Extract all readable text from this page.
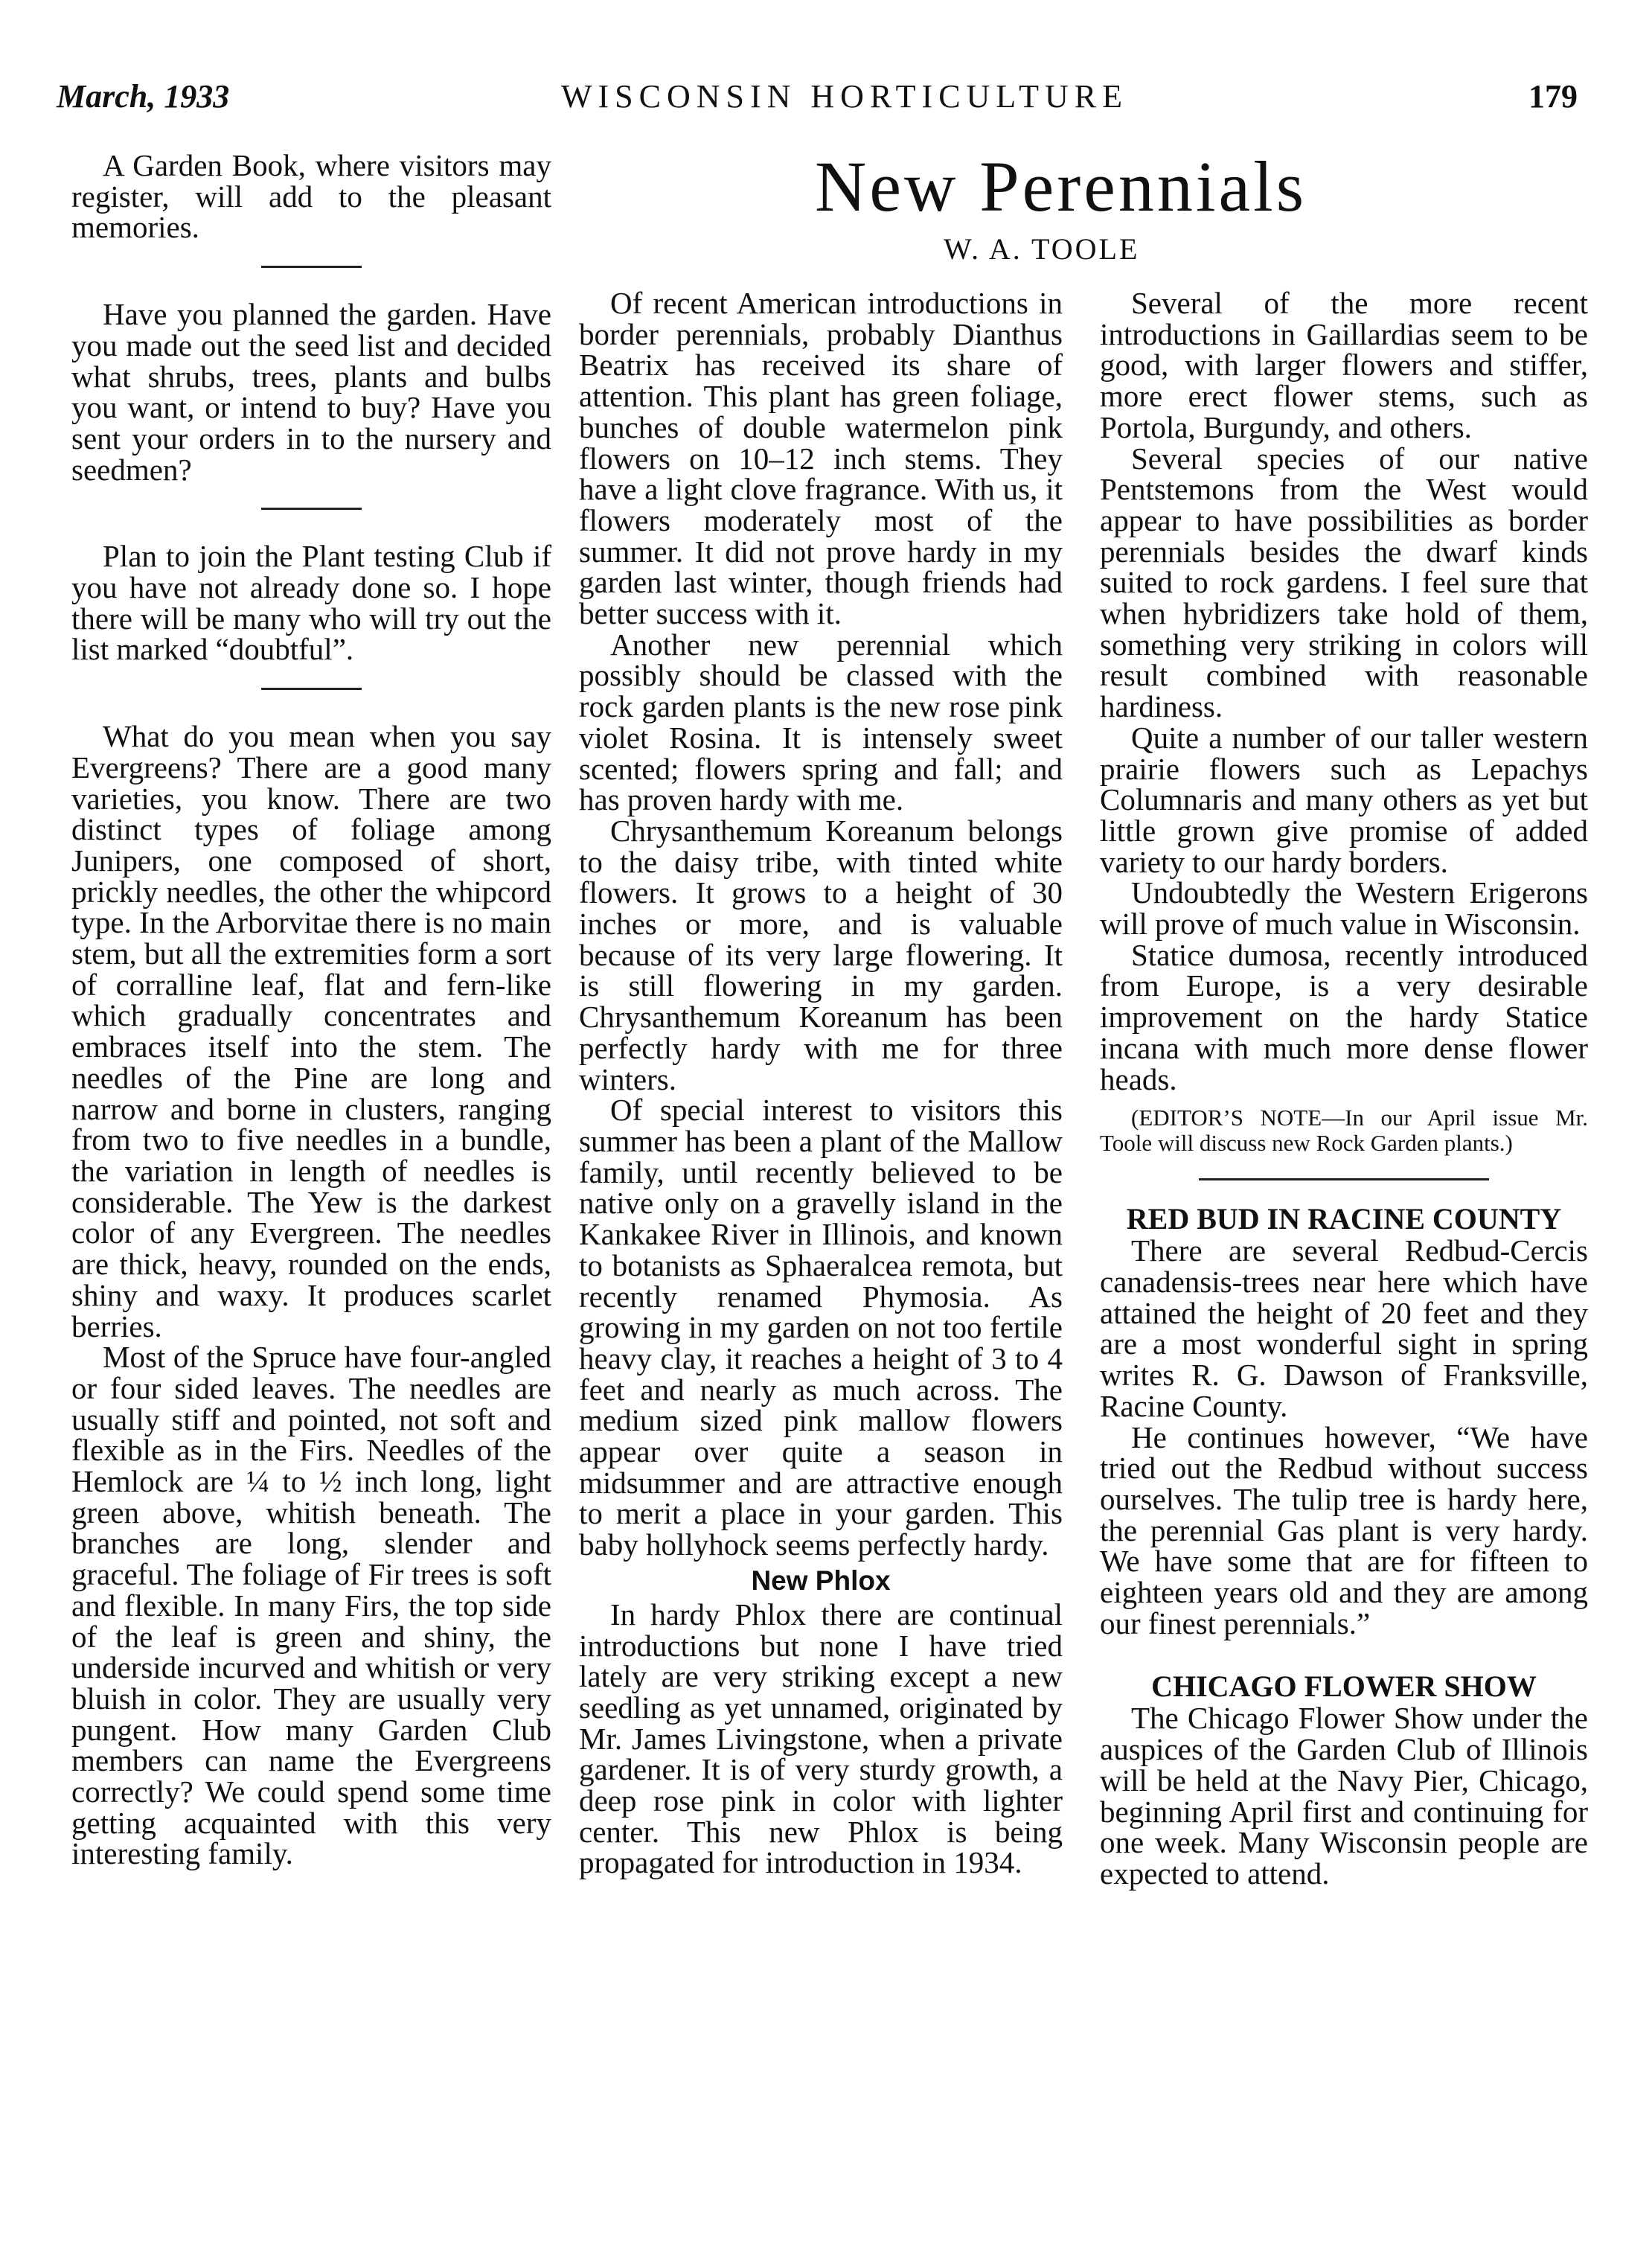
March, 1933	WISCONSIN HORTICULTURE	179

A Garden Book, where visitors may register, will add to the pleasant memories.

Have you planned the garden. Have you made out the seed list and decided what shrubs, trees, plants and bulbs you want, or intend to buy? Have you sent your orders in to the nursery and seedmen?

Plan to join the Plant testing Club if you have not already done so. I hope there will be many who will try out the list marked “doubtful”.

What do you mean when you say Evergreens? There are a good many varieties, you know. There are two distinct types of foliage among Junipers, one composed of short, prickly needles, the other the whipcord type. In the Arborvitae there is no main stem, but all the extremities form a sort of corralline leaf, flat and fern-like which gradually concentrates and embraces itself into the stem. The needles of the Pine are long and narrow and borne in clusters, ranging from two to five needles in a bundle, the variation in length of needles is considerable. The Yew is the darkest color of any Evergreen. The needles are thick, heavy, rounded on the ends, shiny and waxy. It produces scarlet berries.

Most of the Spruce have four-angled or four sided leaves. The needles are usually stiff and pointed, not soft and flexible as in the Firs. Needles of the Hemlock are ¼ to ½ inch long, light green above, whitish beneath. The branches are long, slender and graceful. The foliage of Fir trees is soft and flexible. In many Firs, the top side of the leaf is green and shiny, the underside incurved and whitish or very bluish in color. They are usually very pungent. How many Garden Club members can name the Evergreens correctly? We could spend some time getting acquainted with this very interesting family.

New Perennials
W. A. TOOLE

Of recent American introductions in border perennials, probably Dianthus Beatrix has received its share of attention. This plant has green foliage, bunches of double watermelon pink flowers on 10–12 inch stems. They have a light clove fragrance. With us, it flowers moderately most of the summer. It did not prove hardy in my garden last winter, though friends had better success with it.

Another new perennial which possibly should be classed with the rock garden plants is the new rose pink violet Rosina. It is intensely sweet scented; flowers spring and fall; and has proven hardy with me.

Chrysanthemum Koreanum belongs to the daisy tribe, with tinted white flowers. It grows to a height of 30 inches or more, and is valuable because of its very large flowering. It is still flowering in my garden. Chrysanthemum Koreanum has been perfectly hardy with me for three winters.

Of special interest to visitors this summer has been a plant of the Mallow family, until recently believed to be native only on a gravelly island in the Kankakee River in Illinois, and known to botanists as Sphaeralcea remota, but recently renamed Phymosia. As growing in my garden on not too fertile heavy clay, it reaches a height of 3 to 4 feet and nearly as much across. The medium sized pink mallow flowers appear over quite a season in midsummer and are attractive enough to merit a place in your garden. This baby hollyhock seems perfectly hardy.

New Phlox

In hardy Phlox there are continual introductions but none I have tried lately are very striking except a new seedling as yet unnamed, originated by Mr. James Livingstone, when a private gardener. It is of very sturdy growth, a deep rose pink in color with lighter center. This new Phlox is being propagated for introduction in 1934.

Several of the more recent introductions in Gaillardias seem to be good, with larger flowers and stiffer, more erect flower stems, such as Portola, Burgundy, and others.

Several species of our native Pentstemons from the West would appear to have possibilities as border perennials besides the dwarf kinds suited to rock gardens. I feel sure that when hybridizers take hold of them, something very striking in colors will result combined with reasonable hardiness.

Quite a number of our taller western prairie flowers such as Lepachys Columnaris and many others as yet but little grown give promise of added variety to our hardy borders.

Undoubtedly the Western Erigerons will prove of much value in Wisconsin.

Statice dumosa, recently introduced from Europe, is a very desirable improvement on the hardy Statice incana with much more dense flower heads.

(EDITOR’S NOTE—In our April issue Mr. Toole will discuss new Rock Garden plants.)
RED BUD IN RACINE COUNTY

There are several Redbud-Cercis canadensis-trees near here which have attained the height of 20 feet and they are a most wonderful sight in spring writes R. G. Dawson of Franksville, Racine County.

He continues however, “We have tried out the Redbud without success ourselves. The tulip tree is hardy here, the perennial Gas plant is very hardy. We have some that are for fifteen to eighteen years old and they are among our finest perennials.”

CHICAGO FLOWER SHOW

The Chicago Flower Show under the auspices of the Garden Club of Illinois will be held at the Navy Pier, Chicago, beginning April first and continuing for one week. Many Wisconsin people are expected to attend.
